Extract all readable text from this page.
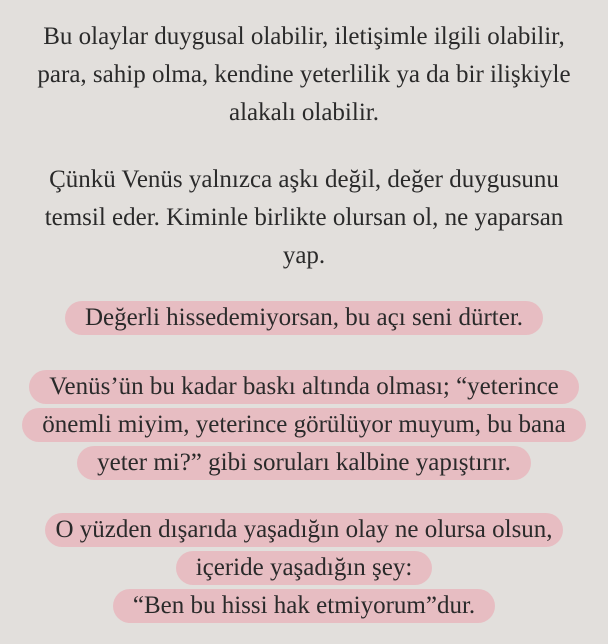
Bu olaylar duygusal olabilir, iletişimle ilgili olabilir,
para, sahip olma, kendine yeterlilik ya da bir ilişkiyle
alakalı olabilir.
Çünkü Venüs yalnızca aşkı değil, değer duygusunu
temsil eder. Kiminle birlikte olursan ol, ne yaparsan
yap.
Değerli hissedemiyorsan, bu açı seni dürter.
Venüs’ün bu kadar baskı altında olması; “yeterince
önemli miyim, yeterince görülüyor muyum, bu bana
yeter mi?” gibi soruları kalbine yapıştırır.
O yüzden dışarıda yaşadığın olay ne olursa olsun,
içeride yaşadığın şey:
“Ben bu hissi hak etmiyorum”dur.
